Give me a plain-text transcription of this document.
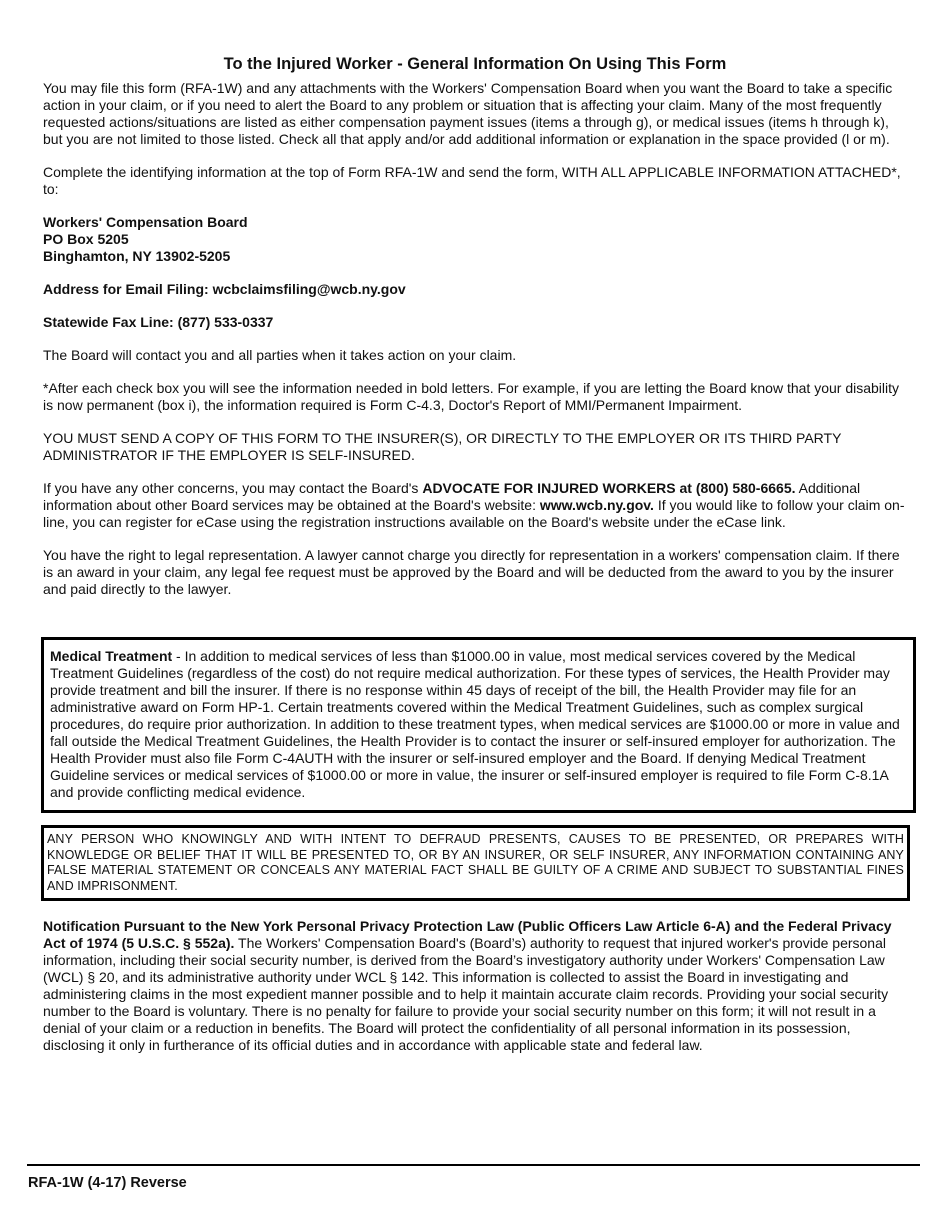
To the Injured Worker - General Information On Using This Form

You may file this form (RFA-1W) and any attachments with the Workers' Compensation Board when you want the Board to take a specific action in your claim, or if you need to alert the Board to any problem or situation that is affecting your claim. Many of the most frequently requested actions/situations are listed as either compensation payment issues (items a through g), or medical issues (items h through k), but you are not limited to those listed. Check all that apply and/or add additional information or explanation in the space provided (l or m).

Complete the identifying information at the top of Form RFA-1W and send the form, WITH ALL APPLICABLE INFORMATION ATTACHED*, to:

Workers' Compensation Board
PO Box 5205
Binghamton, NY 13902-5205

Address for Email Filing: wcbclaimsfiling@wcb.ny.gov

Statewide Fax Line: (877) 533-0337

The Board will contact you and all parties when it takes action on your claim.

*After each check box you will see the information needed in bold letters. For example, if you are letting the Board know that your disability is now permanent (box i), the information required is Form C-4.3, Doctor's Report of MMI/Permanent Impairment.

YOU MUST SEND A COPY OF THIS FORM TO THE INSURER(S), OR DIRECTLY TO THE EMPLOYER OR ITS THIRD PARTY ADMINISTRATOR IF THE EMPLOYER IS SELF-INSURED.

If you have any other concerns, you may contact the Board's ADVOCATE FOR INJURED WORKERS at (800) 580-6665. Additional information about other Board services may be obtained at the Board's website: www.wcb.ny.gov. If you would like to follow your claim on-line, you can register for eCase using the registration instructions available on the Board's website under the eCase link.

You have the right to legal representation. A lawyer cannot charge you directly for representation in a workers' compensation claim. If there is an award in your claim, any legal fee request must be approved by the Board and will be deducted from the award to you by the insurer and paid directly to the lawyer.

Medical Treatment - In addition to medical services of less than $1000.00 in value, most medical services covered by the Medical Treatment Guidelines (regardless of the cost) do not require medical authorization. For these types of services, the Health Provider may provide treatment and bill the insurer. If there is no response within 45 days of receipt of the bill, the Health Provider may file for an administrative award on Form HP-1. Certain treatments covered within the Medical Treatment Guidelines, such as complex surgical procedures, do require prior authorization. In addition to these treatment types, when medical services are $1000.00 or more in value and fall outside the Medical Treatment Guidelines, the Health Provider is to contact the insurer or self-insured employer for authorization. The Health Provider must also file Form C-4AUTH with the insurer or self-insured employer and the Board. If denying Medical Treatment Guideline services or medical services of $1000.00 or more in value, the insurer or self-insured employer is required to file Form C-8.1A and provide conflicting medical evidence.
ANY PERSON WHO KNOWINGLY AND WITH INTENT TO DEFRAUD PRESENTS, CAUSES TO BE PRESENTED, OR PREPARES WITH KNOWLEDGE OR BELIEF THAT IT WILL BE PRESENTED TO, OR BY AN INSURER, OR SELF INSURER, ANY INFORMATION CONTAINING ANY FALSE MATERIAL STATEMENT OR CONCEALS ANY MATERIAL FACT SHALL BE GUILTY OF A CRIME AND SUBJECT TO SUBSTANTIAL FINES AND IMPRISONMENT.
Notification Pursuant to the New York Personal Privacy Protection Law (Public Officers Law Article 6-A) and the Federal Privacy Act of 1974 (5 U.S.C. § 552a). The Workers' Compensation Board's (Board’s) authority to request that injured worker's provide personal information, including their social security number, is derived from the Board’s investigatory authority under Workers' Compensation Law (WCL) § 20, and its administrative authority under WCL § 142. This information is collected to assist the Board in investigating and administering claims in the most expedient manner possible and to help it maintain accurate claim records. Providing your social security number to the Board is voluntary. There is no penalty for failure to provide your social security number on this form; it will not result in a denial of your claim or a reduction in benefits. The Board will protect the confidentiality of all personal information in its possession, disclosing it only in furtherance of its official duties and in accordance with applicable state and federal law.
RFA-1W (4-17) Reverse
